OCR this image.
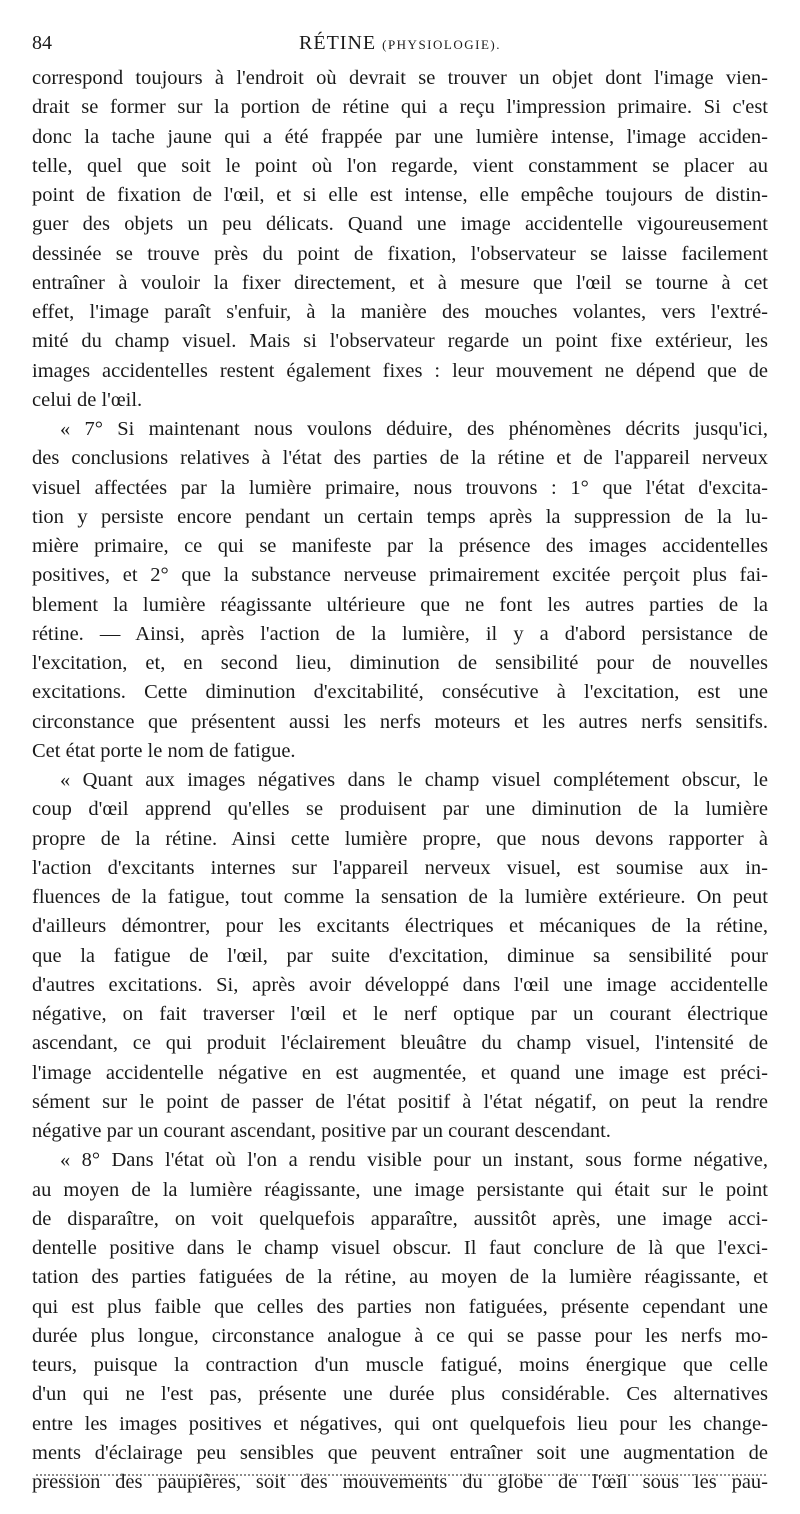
84	RÉTINE (PHYSIOLOGIE).
correspond toujours à l'endroit où devrait se trouver un objet dont l'image vien-
drait se former sur la portion de rétine qui a reçu l'impression primaire. Si c'est
donc la tache jaune qui a été frappée par une lumière intense, l'image acciden-
telle, quel que soit le point où l'on regarde, vient constamment se placer au
point de fixation de l'œil, et si elle est intense, elle empêche toujours de distin-
guer des objets un peu délicats. Quand une image accidentelle vigoureusement
dessinée se trouve près du point de fixation, l'observateur se laisse facilement
entraîner à vouloir la fixer directement, et à mesure que l'œil se tourne à cet
effet, l'image paraît s'enfuir, à la manière des mouches volantes, vers l'extré-
mité du champ visuel. Mais si l'observateur regarde un point fixe extérieur, les
images accidentelles restent également fixes : leur mouvement ne dépend que de
celui de l'œil.
« 7° Si maintenant nous voulons déduire, des phénomènes décrits jusqu'ici,
des conclusions relatives à l'état des parties de la rétine et de l'appareil nerveux
visuel affectées par la lumière primaire, nous trouvons : 1° que l'état d'excita-
tion y persiste encore pendant un certain temps après la suppression de la lu-
mière primaire, ce qui se manifeste par la présence des images accidentelles
positives, et 2° que la substance nerveuse primairement excitée perçoit plus fai-
blement la lumière réagissante ultérieure que ne font les autres parties de la
rétine. — Ainsi, après l'action de la lumière, il y a d'abord persistance de
l'excitation, et, en second lieu, diminution de sensibilité pour de nouvelles
excitations. Cette diminution d'excitabilité, consécutive à l'excitation, est une
circonstance que présentent aussi les nerfs moteurs et les autres nerfs sensitifs.
Cet état porte le nom de fatigue.
« Quant aux images négatives dans le champ visuel complétement obscur, le
coup d'œil apprend qu'elles se produisent par une diminution de la lumière
propre de la rétine. Ainsi cette lumière propre, que nous devons rapporter à
l'action d'excitants internes sur l'appareil nerveux visuel, est soumise aux in-
fluences de la fatigue, tout comme la sensation de la lumière extérieure. On peut
d'ailleurs démontrer, pour les excitants électriques et mécaniques de la rétine,
que la fatigue de l'œil, par suite d'excitation, diminue sa sensibilité pour
d'autres excitations. Si, après avoir développé dans l'œil une image accidentelle
négative, on fait traverser l'œil et le nerf optique par un courant électrique
ascendant, ce qui produit l'éclairement bleuâtre du champ visuel, l'intensité de
l'image accidentelle négative en est augmentée, et quand une image est préci-
sément sur le point de passer de l'état positif à l'état négatif, on peut la rendre
négative par un courant ascendant, positive par un courant descendant.
« 8° Dans l'état où l'on a rendu visible pour un instant, sous forme négative,
au moyen de la lumière réagissante, une image persistante qui était sur le point
de disparaître, on voit quelquefois apparaître, aussitôt après, une image acci-
dentelle positive dans le champ visuel obscur. Il faut conclure de là que l'exci-
tation des parties fatiguées de la rétine, au moyen de la lumière réagissante, et
qui est plus faible que celles des parties non fatiguées, présente cependant une
durée plus longue, circonstance analogue à ce qui se passe pour les nerfs mo-
teurs, puisque la contraction d'un muscle fatigué, moins énergique que celle
d'un qui ne l'est pas, présente une durée plus considérable. Ces alternatives
entre les images positives et négatives, qui ont quelquefois lieu pour les change-
ments d'éclairage peu sensibles que peuvent entraîner soit une augmentation de
pression des paupières, soit des mouvements du globe de l'œil sous les pau-
